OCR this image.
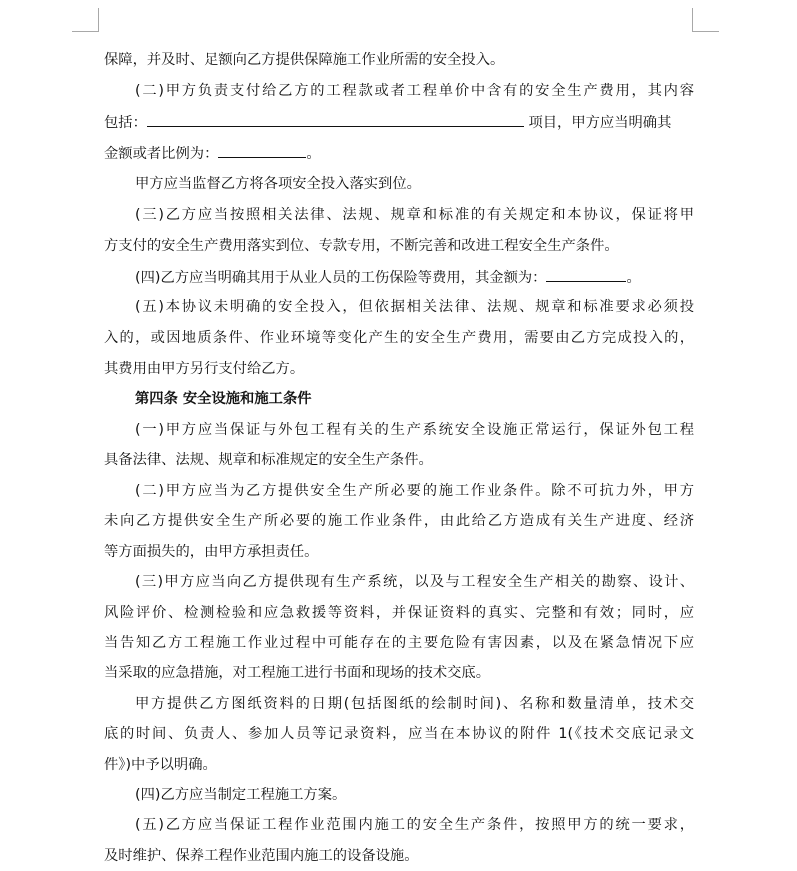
保障，并及时、足额向乙方提供保障施工作业所需的安全投入。
(二)甲方负责支付给乙方的工程款或者工程单价中含有的安全生产费用，其内容
包括：	项目，甲方应当明确其
金额或者比例为：	。
甲方应当监督乙方将各项安全投入落实到位。
(三)乙方应当按照相关法律、法规、规章和标准的有关规定和本协议，保证将甲
方支付的安全生产费用落实到位、专款专用，不断完善和改进工程安全生产条件。
(四)乙方应当明确其用于从业人员的工伤保险等费用，其金额为：	。
(五)本协议未明确的安全投入，但依据相关法律、法规、规章和标准要求必须投
入的，或因地质条件、作业环境等变化产生的安全生产费用，需要由乙方完成投入的，
其费用由甲方另行支付给乙方。
第四条 安全设施和施工条件
(一)甲方应当保证与外包工程有关的生产系统安全设施正常运行，保证外包工程
具备法律、法规、规章和标准规定的安全生产条件。
(二)甲方应当为乙方提供安全生产所必要的施工作业条件。除不可抗力外，甲方
未向乙方提供安全生产所必要的施工作业条件，由此给乙方造成有关生产进度、经济
等方面损失的，由甲方承担责任。
(三)甲方应当向乙方提供现有生产系统，以及与工程安全生产相关的勘察、设计、
风险评价、检测检验和应急救援等资料，并保证资料的真实、完整和有效；同时，应
当告知乙方工程施工作业过程中可能存在的主要危险有害因素，以及在紧急情况下应
当采取的应急措施，对工程施工进行书面和现场的技术交底。
甲方提供乙方图纸资料的日期(包括图纸的绘制时间)、名称和数量清单，技术交
底的时间、负责人、参加人员等记录资料，应当在本协议的附件 1(《技术交底记录文
件》)中予以明确。
(四)乙方应当制定工程施工方案。
(五)乙方应当保证工程作业范围内施工的安全生产条件，按照甲方的统一要求，
及时维护、保养工程作业范围内施工的设备设施。
